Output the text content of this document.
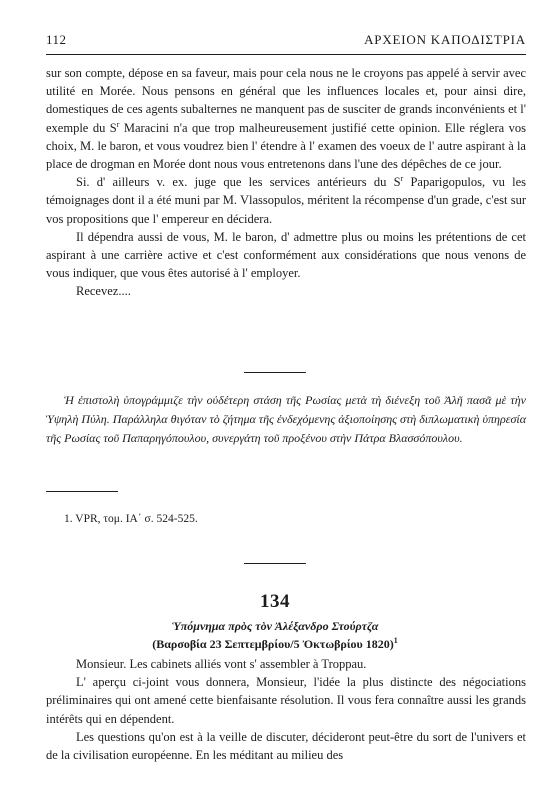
112	ΑΡΧΕΙΟΝ ΚΑΠΟΔΙΣΤΡΙΑ

sur son compte, dépose en sa faveur, mais pour cela nous ne le croyons pas appelé à servir avec utilité en Morée. Nous pensons en général que les influences locales et, pour ainsi dire, domestiques de ces agents subalternes ne manquent pas de susciter de grands inconvénients et l' exemple du $S^r$ Maracini n'a que trop malheureusement justifié cette opinion. Elle réglera vos choix, M. le baron, et vous voudrez bien l' étendre à l' examen des voeux de l' autre aspirant à la place de drogman en Morée dont nous vous entretenons dans l'une des dépêches de ce jour.

Si. d' ailleurs v. ex. juge que les services antérieurs du $S^r$ Paparigopulos, vu les témoignages dont il a été muni par M. Vlassopulos, méritent la récompense d'un grade, c'est sur vos propositions que l' empereur en décidera.

Il dépendra aussi de vous, M. le baron, d' admettre plus ou moins les prétentions de cet aspirant à une carrière active et c'est conformément aux considérations que nous venons de vous indiquer, que vous êtes autorisé à l' employer.

Recevez....

Ἡ ἐπιστολὴ ὑπογράμμιζε τὴν οὐδέτερη στάση τῆς Ρωσίας μετὰ τὴ διένεξη τοῦ Ἀλῆ πασᾶ μὲ τὴν Ὑψηλὴ Πύλη. Παράλληλα θιγόταν τὸ ζήτημα τῆς ἐνδεχόμενης ἀξιοποίησης στὴ διπλωματικὴ ὑπηρεσία τῆς Ρωσίας τοῦ Παπαρηγόπουλου, συνεργάτη τοῦ προξένου στὴν Πάτρα Βλασσόπουλου.

1. VPR, τομ. ΙΑ΄ σ. 524-525.

134
Ὑπόμνημα πρὸς τὸν Ἀλέξανδρο Στούρτζα
(Βαρσοβία 23 Σεπτεμβρίου/5 Ὀκτωβρίου 1820)$^1$

Monsieur. Les cabinets alliés vont s' assembler à Troppau.

L' aperçu ci-joint vous donnera, Monsieur, l'idée la plus distincte des négociations préliminaires qui ont amené cette bienfaisante résolution. Il vous fera connaître aussi les grands intérêts qui en dépendent.

Les questions qu'on est à la veille de discuter, décideront peut-être du sort de l'univers et de la civilisation européenne. En les méditant au milieu des
